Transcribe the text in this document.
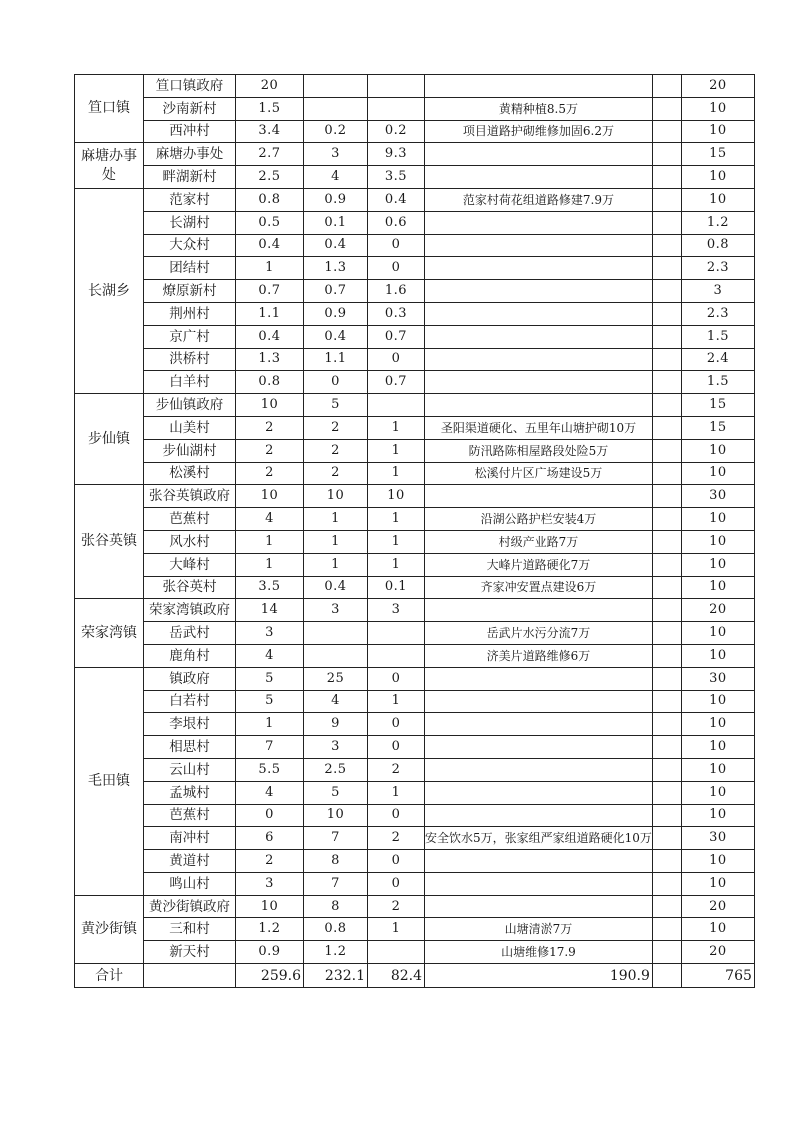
笪口镇	笪口镇政府	20					20
	沙南新村	1.5			黄精种植8.5万		10
	西冲村	3.4	0.2	0.2	项目道路护砌维修加固6.2万		10
麻塘办事处	麻塘办事处	2.7	3	9.3			15
	畔湖新村	2.5	4	3.5			10
长湖乡	范家村	0.8	0.9	0.4	范家村荷花组道路修建7.9万		10
	长湖村	0.5	0.1	0.6			1.2
	大众村	0.4	0.4	0			0.8
	团结村	1	1.3	0			2.3
	燎原新村	0.7	0.7	1.6			3
	荆州村	1.1	0.9	0.3			2.3
	京广村	0.4	0.4	0.7			1.5
	洪桥村	1.3	1.1	0			2.4
	白羊村	0.8	0	0.7			1.5
步仙镇	步仙镇政府	10	5				15
	山美村	2	2	1	圣阳渠道硬化、五里年山塘护砌10万		15
	步仙湖村	2	2	1	防汛路陈相屋路段处险5万		10
	松溪村	2	2	1	松溪付片区广场建设5万		10
张谷英镇	张谷英镇政府	10	10	10			30
	芭蕉村	4	1	1	沿湖公路护栏安装4万		10
	风水村	1	1	1	村级产业路7万		10
	大峰村	1	1	1	大峰片道路硬化7万		10
	张谷英村	3.5	0.4	0.1	齐家冲安置点建设6万		10
荣家湾镇	荣家湾镇政府	14	3	3			20
	岳武村	3			岳武片水污分流7万		10
	鹿角村	4			济美片道路维修6万		10
毛田镇	镇政府	5	25	0			30
	白若村	5	4	1			10
	李垠村	1	9	0			10
	相思村	7	3	0			10
	云山村	5.5	2.5	2			10
	孟城村	4	5	1			10
	芭蕉村	0	10	0			10
	南冲村	6	7	2	安全饮水5万，张家组严家组道路硬化10万		30
	黄道村	2	8	0			10
	鸣山村	3	7	0			10
黄沙街镇	黄沙街镇政府	10	8	2			20
	三和村	1.2	0.8	1	山塘清淤7万		10
	新天村	0.9	1.2		山塘维修17.9		20
合计		259.6	232.1	82.4	190.9		765
